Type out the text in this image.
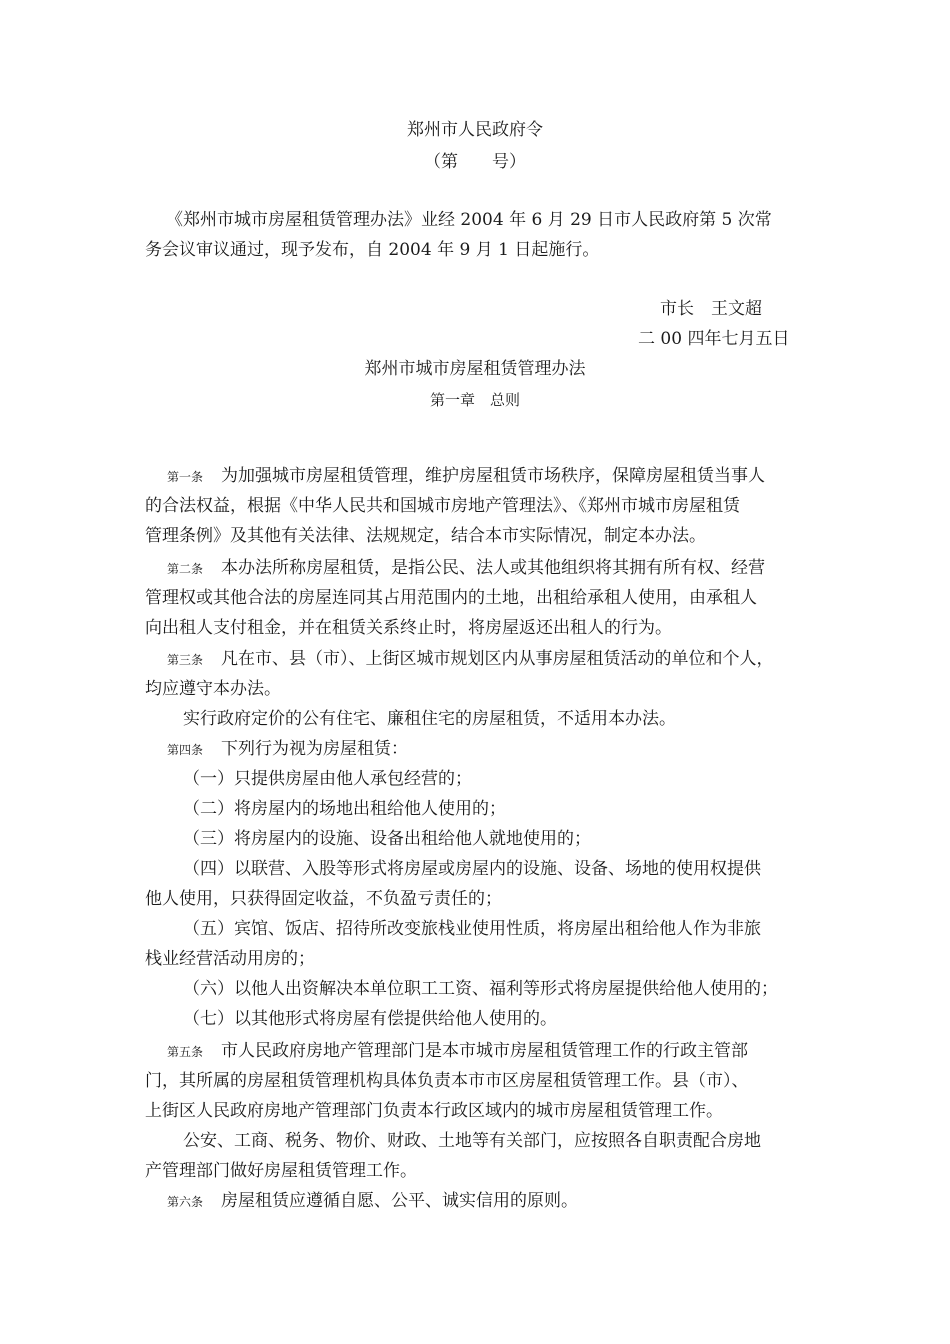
郑州市人民政府令
（第　　号）
《郑州市城市房屋租赁管理办法》业经 2004 年 6 月 29 日市人民政府第 5 次常
务会议审议通过，现予发布，自 2004 年 9 月 1 日起施行。
市长　王文超
二 00 四年七月五日
郑州市城市房屋租赁管理办法
第一章　总则
第一条 为加强城市房屋租赁管理，维护房屋租赁市场秩序，保障房屋租赁当事人
的合法权益，根据《中华人民共和国城市房地产管理法》、《郑州市城市房屋租赁
管理条例》及其他有关法律、法规规定，结合本市实际情况，制定本办法。
第二条 本办法所称房屋租赁，是指公民、法人或其他组织将其拥有所有权、经营
管理权或其他合法的房屋连同其占用范围内的土地，出租给承租人使用，由承租人
向出租人支付租金，并在租赁关系终止时，将房屋返还出租人的行为。
第三条 凡在市、县（市）、上街区城市规划区内从事房屋租赁活动的单位和个人，
均应遵守本办法。
实行政府定价的公有住宅、廉租住宅的房屋租赁，不适用本办法。
第四条 下列行为视为房屋租赁：
（一）只提供房屋由他人承包经营的；
（二）将房屋内的场地出租给他人使用的；
（三）将房屋内的设施、设备出租给他人就地使用的；
（四）以联营、入股等形式将房屋或房屋内的设施、设备、场地的使用权提供
他人使用，只获得固定收益，不负盈亏责任的；
（五）宾馆、饭店、招待所改变旅栈业使用性质，将房屋出租给他人作为非旅
栈业经营活动用房的；
（六）以他人出资解决本单位职工工资、福利等形式将房屋提供给他人使用的；
（七）以其他形式将房屋有偿提供给他人使用的。
第五条 市人民政府房地产管理部门是本市城市房屋租赁管理工作的行政主管部
门，其所属的房屋租赁管理机构具体负责本市市区房屋租赁管理工作。县（市）、
上街区人民政府房地产管理部门负责本行政区域内的城市房屋租赁管理工作。
公安、工商、税务、物价、财政、土地等有关部门，应按照各自职责配合房地
产管理部门做好房屋租赁管理工作。
第六条 房屋租赁应遵循自愿、公平、诚实信用的原则。
